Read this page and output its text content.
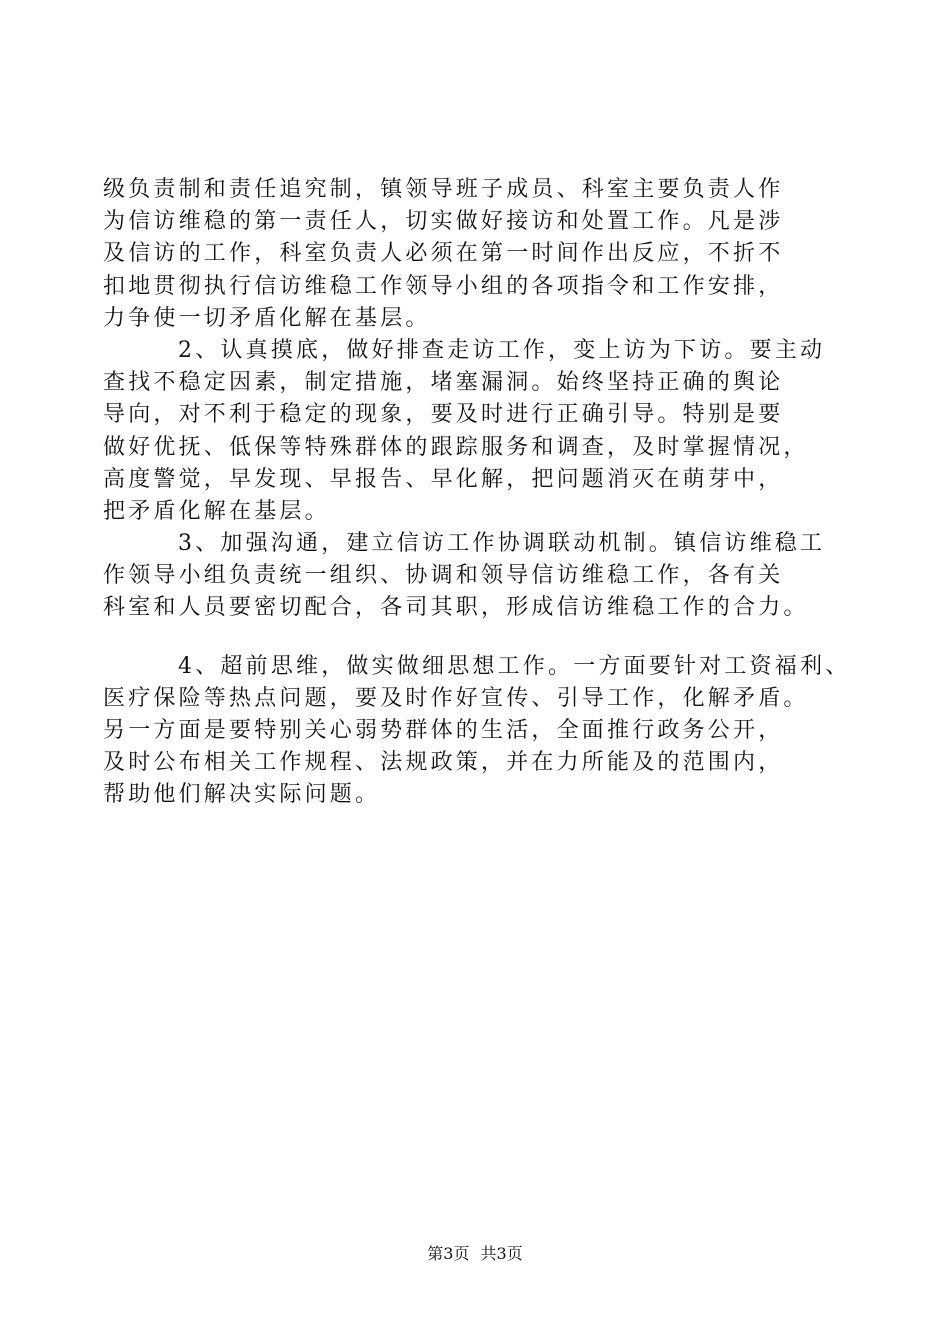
级负责制和责任追究制，镇领导班子成员、科室主要负责人作
为信访维稳的第一责任人，切实做好接访和处置工作。凡是涉
及信访的工作，科室负责人必须在第一时间作出反应，不折不
扣地贯彻执行信访维稳工作领导小组的各项指令和工作安排，
力争使一切矛盾化解在基层。
2、认真摸底，做好排查走访工作，变上访为下访。要主动
查找不稳定因素，制定措施，堵塞漏洞。始终坚持正确的舆论
导向，对不利于稳定的现象，要及时进行正确引导。特别是要
做好优抚、低保等特殊群体的跟踪服务和调查，及时掌握情况，
高度警觉，早发现、早报告、早化解，把问题消灭在萌芽中，
把矛盾化解在基层。
3、加强沟通，建立信访工作协调联动机制。镇信访维稳工
作领导小组负责统一组织、协调和领导信访维稳工作，各有关
科室和人员要密切配合，各司其职，形成信访维稳工作的合力。
4、超前思维，做实做细思想工作。一方面要针对工资福利、
医疗保险等热点问题，要及时作好宣传、引导工作，化解矛盾。
另一方面是要特别关心弱势群体的生活，全面推行政务公开，
及时公布相关工作规程、法规政策，并在力所能及的范围内，
帮助他们解决实际问题。
第3页 共3页
